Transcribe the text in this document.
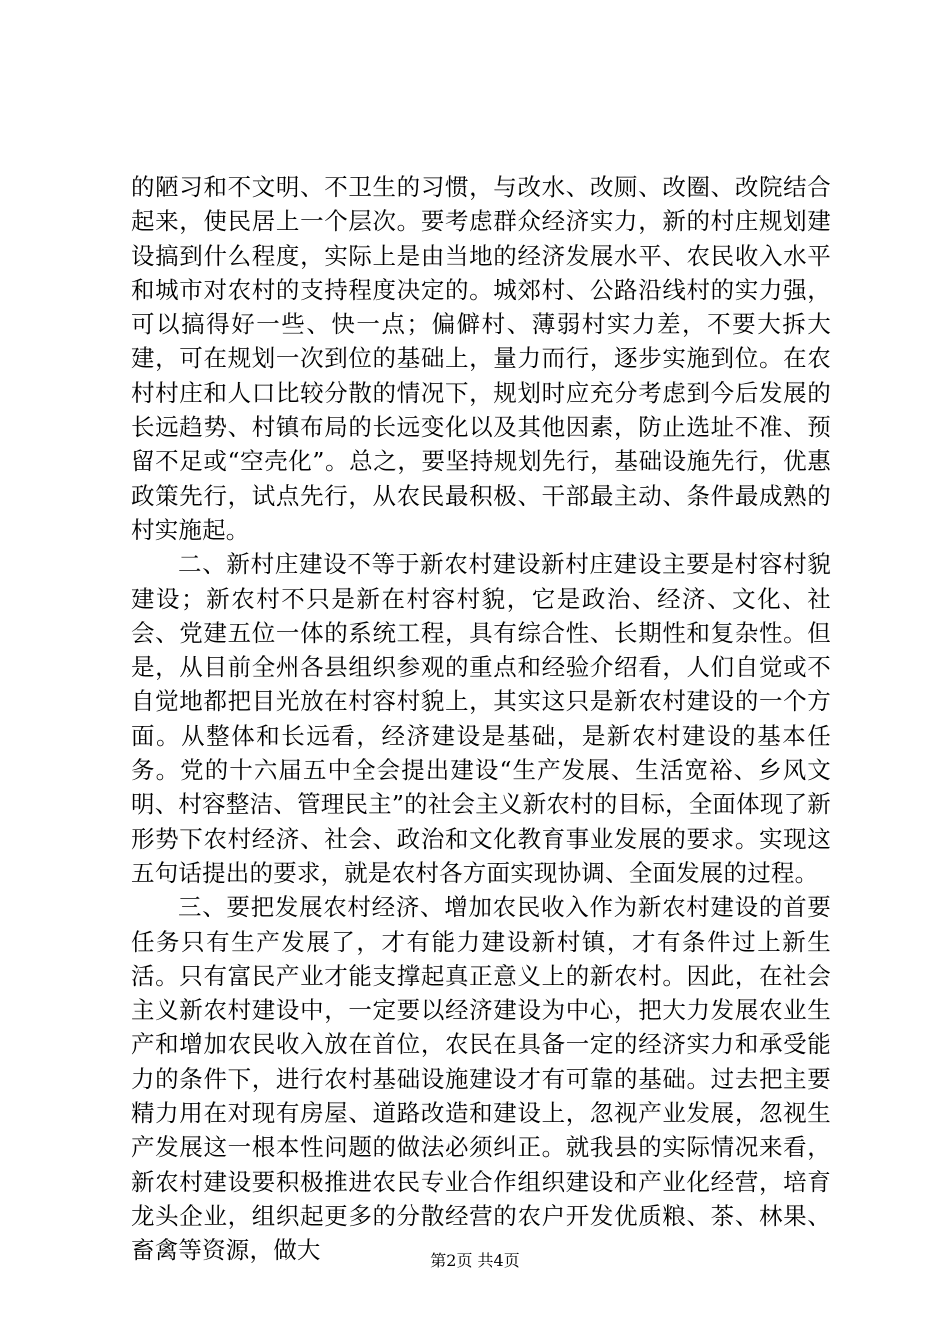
的陋习和不文明、不卫生的习惯，与改水、改厕、改圈、改院结合起来，使民居上一个层次。要考虑群众经济实力，新的村庄规划建设搞到什么程度，实际上是由当地的经济发展水平、农民收入水平和城市对农村的支持程度决定的。城郊村、公路沿线村的实力强，可以搞得好一些、快一点；偏僻村、薄弱村实力差，不要大拆大建，可在规划一次到位的基础上，量力而行，逐步实施到位。在农村村庄和人口比较分散的情况下，规划时应充分考虑到今后发展的长远趋势、村镇布局的长远变化以及其他因素，防止选址不准、预留不足或“空壳化”。总之，要坚持规划先行，基础设施先行，优惠政策先行，试点先行，从农民最积极、干部最主动、条件最成熟的村实施起。

二、新村庄建设不等于新农村建设新村庄建设主要是村容村貌建设；新农村不只是新在村容村貌，它是政治、经济、文化、社会、党建五位一体的系统工程，具有综合性、长期性和复杂性。但是，从目前全州各县组织参观的重点和经验介绍看，人们自觉或不自觉地都把目光放在村容村貌上，其实这只是新农村建设的一个方面。从整体和长远看，经济建设是基础，是新农村建设的基本任务。党的十六届五中全会提出建设“生产发展、生活宽裕、乡风文明、村容整洁、管理民主”的社会主义新农村的目标，全面体现了新形势下农村经济、社会、政治和文化教育事业发展的要求。实现这五句话提出的要求，就是农村各方面实现协调、全面发展的过程。

三、要把发展农村经济、增加农民收入作为新农村建设的首要任务只有生产发展了，才有能力建设新村镇，才有条件过上新生活。只有富民产业才能支撑起真正意义上的新农村。因此，在社会主义新农村建设中，一定要以经济建设为中心，把大力发展农业生产和增加农民收入放在首位，农民在具备一定的经济实力和承受能力的条件下，进行农村基础设施建设才有可靠的基础。过去把主要精力用在对现有房屋、道路改造和建设上，忽视产业发展，忽视生产发展这一根本性问题的做法必须纠正。就我县的实际情况来看，新农村建设要积极推进农民专业合作组织建设和产业化经营，培育龙头企业，组织起更多的分散经营的农户开发优质粮、茶、林果、畜禽等资源，做大	第2页 共4页
